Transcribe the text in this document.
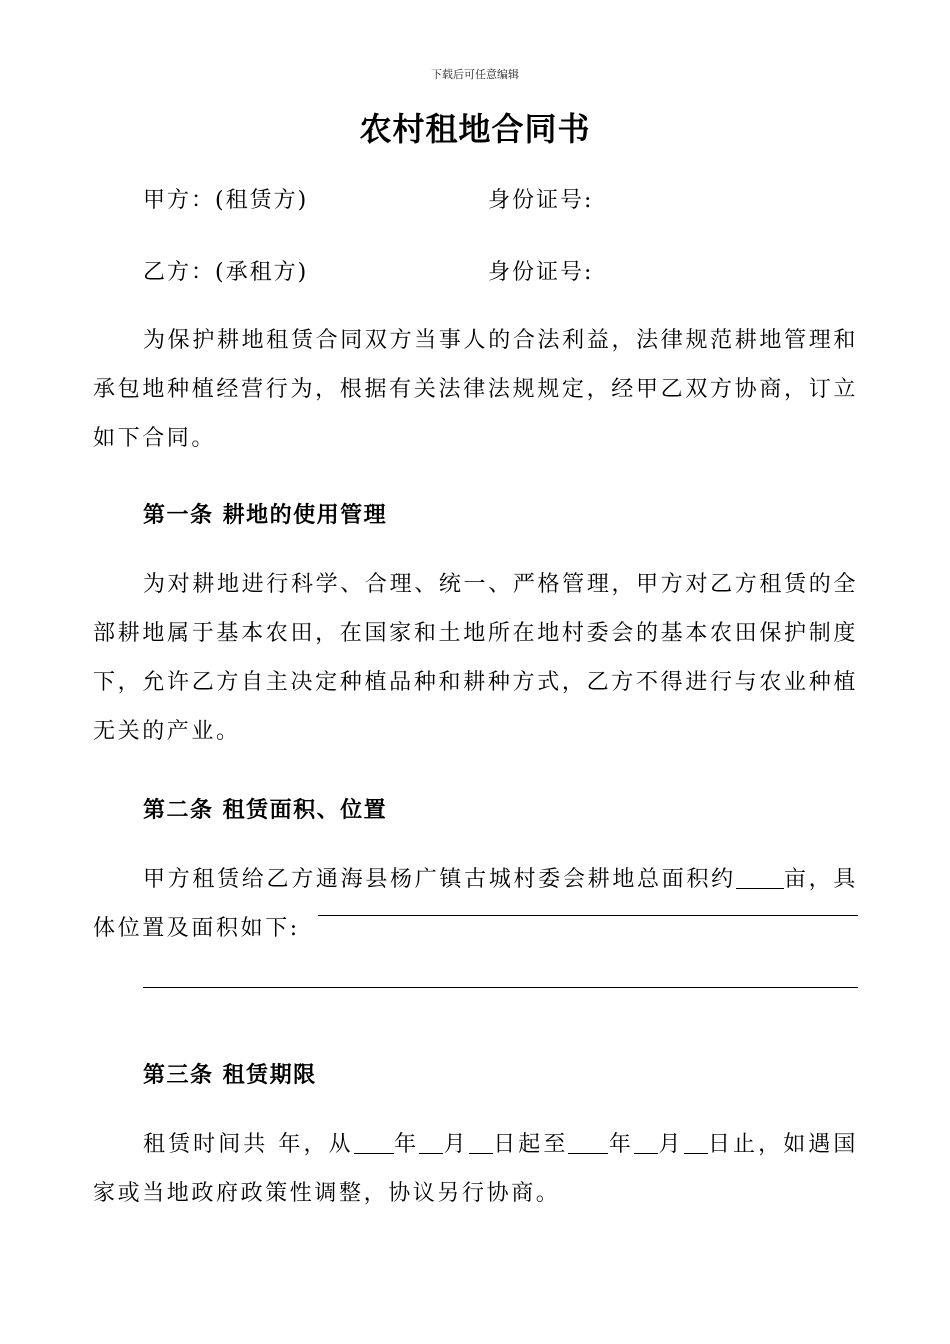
下载后可任意编辑
农村租地合同书
甲方：(租赁方)	身份证号:
乙方：(承租方)	身份证号:
为保护耕地租赁合同双方当事人的合法利益，法律规范耕地管理和承包地种植经营行为，根据有关法律法规规定，经甲乙双方协商，订立如下合同。
第一条 耕地的使用管理
为对耕地进行科学、合理、统一、严格管理，甲方对乙方租赁的全部耕地属于基本农田，在国家和土地所在地村委会的基本农田保护制度下，允许乙方自主决定种植品种和耕种方式，乙方不得进行与农业种植无关的产业。
第二条 租赁面积、位置
甲方租赁给乙方通海县杨广镇古城村委会耕地总面积约 亩，具体位置及面积如下:
第三条 租赁期限
租赁时间共 年，从 年 月 日起至 年 月 日止，如遇国家或当地政府政策性调整，协议另行协商。
